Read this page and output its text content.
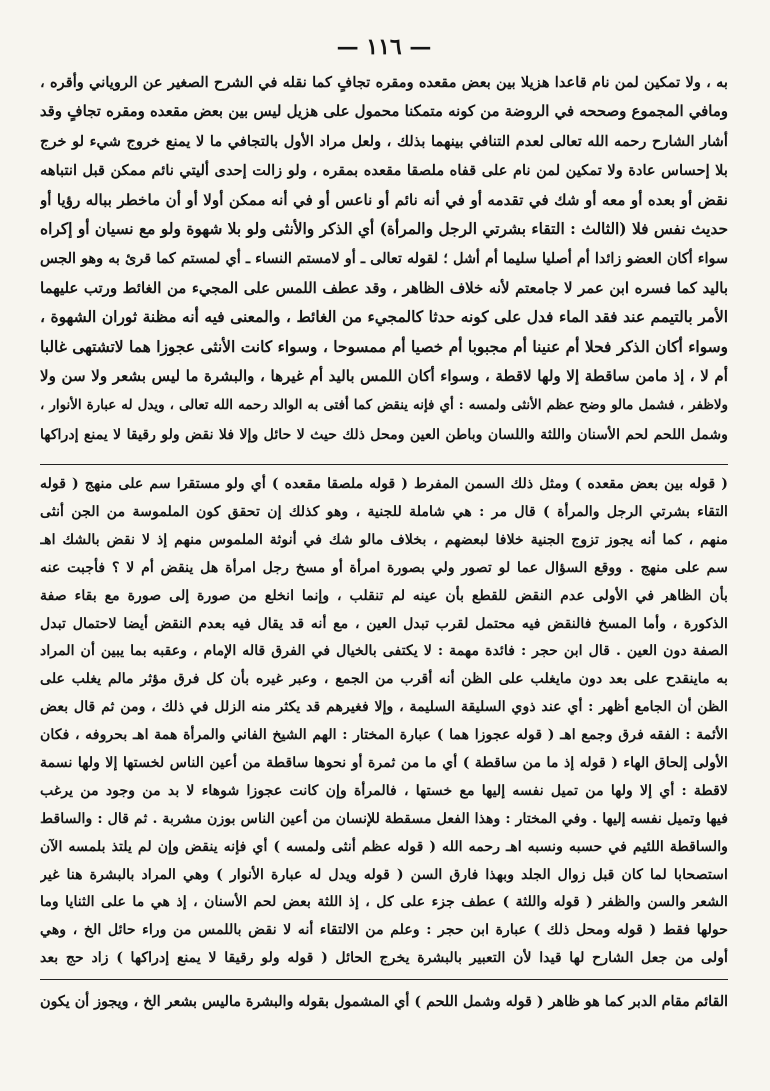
— ١١٦ —
به ، ولا تمكين لمن نام قاعدا هزيلا بين بعض مقعده ومقره تجافٍ كما نقله في الشرح الصغير عن الروياني وأقره ،
ومافي المجموع وصححه في الروضة من كونه متمكنا محمول على هزيل ليس بين بعض مقعده ومقره تجافٍ وقد
أشار الشارح رحمه الله تعالى لعدم التنافي بينهما بذلك ، ولعل مراد الأول بالتجافي ما لا يمنع خروج شيء لو خرج
بلا إحساس عادة ولا تمكين لمن نام على قفاه ملصقا مقعده بمقره ، ولو زالت إحدى أليتي نائم ممكن قبل انتباهه
نقض أو بعده أو معه أو شك في تقدمه أو في أنه نائم أو ناعس أو في أنه ممكن أولا أو أن ماخطر بباله رؤيا أو
حديث نفس فلا (الثالث : التقاء بشرتي الرجل والمرأة) أي الذكر والأنثى ولو بلا شهوة ولو مع نسيان أو إكراه
سواء أكان العضو زائدا أم أصليا سليما أم أشل ؛ لقوله تعالى ـ أو لامستم النساء ـ أي لمستم كما قرئ به وهو الجس
باليد كما فسره ابن عمر لا جامعتم لأنه خلاف الظاهر ، وقد عطف اللمس على المجيء من الغائط ورتب عليهما
الأمر بالتيمم عند فقد الماء فدل على كونه حدثا كالمجيء من الغائط ، والمعنى فيه أنه مظنة ثوران الشهوة ،
وسواء أكان الذكر فحلا أم عنينا أم مجبوبا أم خصيا أم ممسوحا ، وسواء كانت الأنثى عجوزا هما لاتشتهى غالبا
أم لا ، إذ مامن ساقطة إلا ولها لاقطة ، وسواء أكان اللمس باليد أم غيرها ، والبشرة ما ليس بشعر ولا سن ولا
ولاظفر ، فشمل مالو وضح عظم الأنثى ولمسه : أي فإنه ينقض كما أفتى به الوالد رحمه الله تعالى ، ويدل له عبارة الأنوار ،
وشمل اللحم لحم الأسنان واللثة واللسان وباطن العين ومحل ذلك حيث لا حائل وإلا فلا نقض ولو رقيقا لا يمنع إدراكها
( قوله بين بعض مقعده ) ومثل ذلك السمن المفرط ( قوله ملصقا مقعده ) أي ولو مستقرا سم على منهج ( قوله
التقاء بشرتي الرجل والمرأة ) قال مر : هي شاملة للجنية ، وهو كذلك إن تحقق كون الملموسة من الجن أنثى
منهم ، كما أنه يجوز تزوج الجنية خلافا لبعضهم ، بخلاف مالو شك في أنوثة الملموس منهم إذ لا نقض بالشك اهـ
سم على منهج . ووقع السؤال عما لو تصور ولي بصورة امرأة أو مسخ رجل امرأة هل ينقض أم لا ؟ فأجبت عنه
بأن الظاهر في الأولى عدم النقض للقطع بأن عينه لم تنقلب ، وإنما انخلع من صورة إلى صورة مع بقاء صفة
الذكورة ، وأما المسخ فالنقض فيه محتمل لقرب تبدل العين ، مع أنه قد يقال فيه بعدم النقض أيضا لاحتمال تبدل
الصفة دون العين . قال ابن حجر : فائدة مهمة : لا يكتفى بالخيال في الفرق قاله الإمام ، وعقبه بما يبين أن المراد
به ماينقدح على بعد دون مايغلب على الظن أنه أقرب من الجمع ، وعبر غيره بأن كل فرق مؤثر مالم يغلب على
الظن أن الجامع أظهر : أي عند ذوي السليقة السليمة ، وإلا فغيرهم قد يكثر منه الزلل في ذلك ، ومن ثم قال بعض
الأئمة : الفقه فرق وجمع اهـ ( قوله عجوزا هما ) عبارة المختار : الهم الشيخ الفاني والمرأة همة اهـ بحروفه ، فكان
الأولى إلحاق الهاء ( قوله إذ ما من ساقطة ) أي ما من ثمرة أو نحوها ساقطة من أعين الناس لخستها إلا ولها نسمة
لاقطة : أي إلا ولها من تميل نفسه إليها مع خستها ، فالمرأة وإن كانت عجوزا شوهاء لا بد من وجود من يرغب
فيها وتميل نفسه إليها . وفي المختار : وهذا الفعل مسقطة للإنسان من أعين الناس بوزن مشربة . ثم قال : والساقط
والساقطة اللئيم في حسبه ونسبه اهـ رحمه الله ( قوله عظم أنثى ولمسه ) أي فإنه ينقض وإن لم يلتذ بلمسه الآن
استصحابا لما كان قبل زوال الجلد وبهذا فارق السن ( قوله ويدل له عبارة الأنوار ) وهي المراد بالبشرة هنا غير
الشعر والسن والظفر ( قوله واللثة ) عطف جزء على كل ، إذ اللثة بعض لحم الأسنان ، إذ هي ما على الثنايا وما
حولها فقط ( قوله ومحل ذلك ) عبارة ابن حجر : وعلم من الالتقاء أنه لا نقض باللمس من وراء حائل الخ ، وهي
أولى من جعل الشارح لها قيدا لأن التعبير بالبشرة يخرج الحائل ( قوله ولو رقيقا لا يمنع إدراكها ) زاد حج بعد
القائم مقام الدبر كما هو ظاهر ( قوله وشمل اللحم ) أي المشمول بقوله والبشرة ماليس بشعر الخ ، ويجوز أن يكون
